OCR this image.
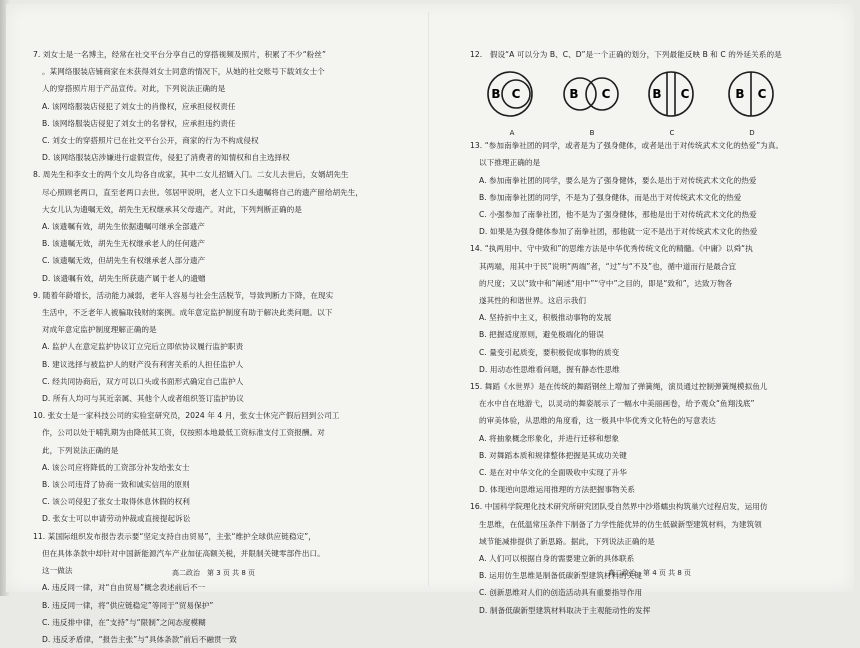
7. 刘女士是一名博主，经常在社交平台分享自己的穿搭视频及照片，积累了不少“粉丝”
。某网络服装店铺商家在未获得刘女士同意的情况下，从她的社交账号下载刘女士个
人的穿搭照片用于产品宣传。对此，下列说法正确的是
A. 该网络服装店侵犯了刘女士的肖像权，应承担侵权责任
B. 该网络服装店侵犯了刘女士的名誉权，应承担违约责任
C. 刘女士的穿搭照片已在社交平台公开，商家的行为不构成侵权
D. 该网络服装店涉嫌进行虚假宣传，侵犯了消费者的知情权和自主选择权
8. 周先生和李女士的两个女儿均各自成家，其中二女儿招婿入门。二女儿去世后，女婿胡先生
尽心照顾老两口，直至老两口去世。邻居甲说明，老人立下口头遗嘱将自己的遗产留给胡先生，
大女儿认为遗嘱无效，胡先生无权继承其父母遗产。对此，下列判断正确的是
A. 该遗嘱有效，胡先生依据遗嘱可继承全部遗产
B. 该遗嘱无效，胡先生无权继承老人的任何遗产
C. 该遗嘱无效，但胡先生有权继承老人部分遗产
D. 该遗嘱有效，胡先生所获遗产属于老人的遗赠
9. 随着年龄增长，活动能力减弱，老年人容易与社会生活脱节，导致判断力下降，在现实
生活中，不乏老年人被骗取钱财的案例。成年意定监护制度有助于解决此类问题。以下
对成年意定监护制度理解正确的是
A. 监护人在意定监护协议订立完后立即依协议履行监护职责
B. 建议选择与被监护人的财产没有利害关系的人担任监护人
C. 经共同协商后，双方可以口头或书面形式确定自己监护人
D. 所有人均可与其近亲属、其他个人或者组织签订监护协议
10. 张女士是一家科技公司的实验室研究员，2024 年 4 月，张女士休完产假后回到公司工
作，公司以处于哺乳期为由降低其工资，仅按照本地最低工资标准支付工资报酬。对
此，下列说法正确的是
A. 该公司应将降低的工资部分补发给张女士
B. 该公司违背了协商一致和诚实信用的原则
C. 该公司侵犯了张女士取得休息休假的权利
D. 张女士可以申请劳动仲裁或直接提起诉讼
11. 某国际组织发布报告表示要“坚定支持自由贸易”，主张“维护全球供应链稳定”，
但在具体条款中却针对中国新能源汽车产业加征高额关税，并限制关键零部件出口。
这一做法
A. 违反同一律，对“自由贸易”概念表述前后不一
B. 违反同一律，将“供应链稳定”等同于“贸易保护”
C. 违反排中律，在“支持”与“限制”之间态度模糊
D. 违反矛盾律，“报告主张”与“具体条款”前后不融贯一致
12.　假设“A 可以分为 B、C、D”是一个正确的划分，下列最能反映 B 和 C 的外延关系的是
B C
A
B C
B
B C
C
B C
D
13. “参加南拳社团的同学，或者是为了强身健体，或者是出于对传统武术文化的热爱”为真。
以下推理正确的是
A. 参加南拳社团的同学，要么是为了强身健体，要么是出于对传统武术文化的热爱
B. 参加南拳社团的同学，不是为了强身健体，而是出于对传统武术文化的热爱
C. 小强参加了南拳社团，他不是为了强身健体，那他是出于对传统武术文化的热爱
D. 如果是为强身健体参加了南拳社团，那他就一定不是出于对传统武术文化的热爱
14. “执两用中、守中致和”的思维方法是中华优秀传统文化的精髓。《中庸》以舜“执
其两端，用其中于民”说明“两端”者，“过”与“不及”也，循中道而行是最合宜
的尺度；又以“致中和”阐述“用中”“守中”之目的，即是“致和”，达致万物各
遂其性的和谐世界。这启示我们
A. 坚持折中主义，积极推动事物的发展
B. 把握适度原则，避免极端化的错误
C. 量变引起质变，要积极促成事物的质变
D. 用动态性思维看问题，握有静态性思维
15. 舞蹈《水世界》是在传统的舞蹈钢丝上增加了弹簧绳，演员通过控制弹簧绳模拟鱼儿
在水中自在地游弋，以灵动的舞姿展示了一幅水中美丽画卷，给予观众“鱼翔浅底”
的审美体验，从思维的角度看，这一极具中华优秀文化特色的写意表达
A. 将抽象概念形象化，并进行迁移和想象
B. 对舞蹈本质和规律整体把握是其成功关键
C. 是在对中华文化的全面吸收中实现了升华
D. 体现逆向思维运用推理的方法把握事物关系
16. 中国科学院理化技术研究所研究团队受自然界中沙塔蠕虫构筑巢穴过程启发，运用仿
生思维，在低温常压条件下制备了力学性能优异的仿生低碳新型建筑材料，为建筑领
域节能减排提供了新思路。据此，下列说法正确的是
A. 人们可以根据自身的需要建立新的具体联系
B. 运用仿生思维是制备低碳新型建筑材料的关键
C. 创新思维对人们的创造活动具有重要指导作用
D. 制备低碳新型建筑材料取决于主观能动性的发挥
高二政治　第 3 页 共 8 页	高二政治　第 4 页 共 8 页
